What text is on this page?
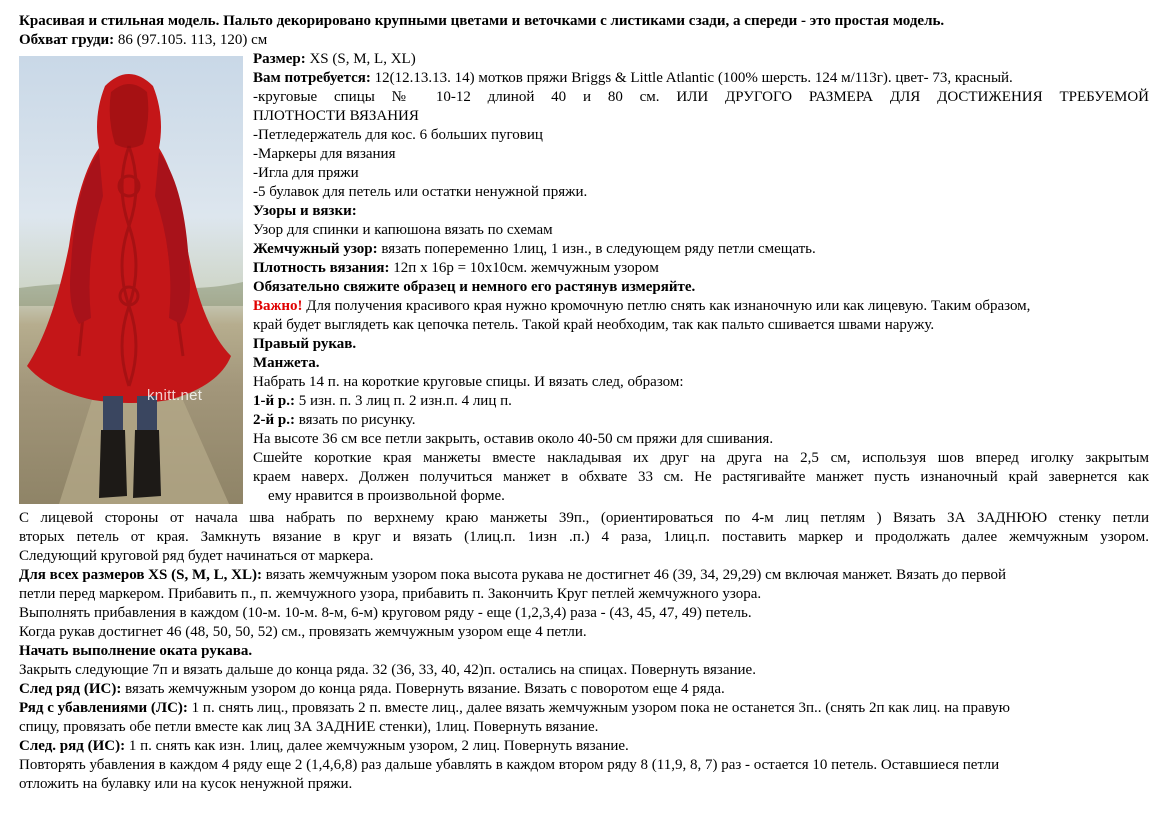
Красивая и стильная модель. Пальто декорировано крупными цветами и веточками с листиками сзади, а спереди - это простая модель.
Обхват груди: 86 (97.105. 113, 120) см
knitt.net
Размер: XS (S, M, L, XL)
Вам потребуется: 12(12.13.13. 14) мотков пряжи Briggs & Little Atlantic (100% шерсть. 124 м/113г). цвет- 73, красный.
-круговые спицы № 10-12 длиной 40 и 80 см. ИЛИ ДРУГОГО РАЗМЕРА ДЛЯ ДОСТИЖЕНИЯ ТРЕБУЕМОЙ
ПЛОТНОСТИ ВЯЗАНИЯ
-Петледержатель для кос. 6 больших пуговиц
-Маркеры для вязания
-Игла для пряжи
-5 булавок для петель или остатки ненужной пряжи.
Узоры и вязки:
Узор для спинки и капюшона вязать по схемам
Жемчужный узор: вязать попеременно 1лиц, 1 изн., в следующем ряду петли смещать.
Плотность вязания: 12п х 16р = 10х10см. жемчужным узором
Обязательно свяжите образец и немного его растянув измеряйте.
Важно! Для получения красивого края нужно кромочную петлю снять как изнаночную или как лицевую. Таким образом,
край будет выглядеть как цепочка петель. Такой край необходим, так как пальто сшивается швами наружу.
Правый рукав.
Манжета.
Набрать 14 п. на короткие круговые спицы. И вязать след, образом:
1-й р.: 5 изн. п. 3 лиц п. 2 изн.п. 4 лиц п.
2-й р.: вязать по рисунку.
На высоте 36 см все петли закрыть, оставив около 40-50 см пряжи для сшивания.
Сшейте короткие края манжеты вместе накладывая их друг на друга на 2,5 см, используя шов вперед иголку закрытым
краем наверх. Должен получиться манжет в обхвате 33 см. Не растягивайте манжет пусть изнаночный край завернется как
ему нравится в произвольной форме.
С лицевой стороны от начала шва набрать по верхнему краю манжеты 39п., (ориентироваться по 4-м лиц петлям ) Вязать ЗА ЗАДНЮЮ стенку петли
вторых петель от края. Замкнуть вязание в круг и вязать (1лиц.п. 1изн .п.) 4 раза, 1лиц.п. поставить маркер и продолжать далее жемчужным узором.
Следующий круговой ряд будет начинаться от маркера.
Для всех размеров XS (S, M, L, XL): вязать жемчужным узором пока высота рукава не достигнет 46 (39, 34, 29,29) см включая манжет. Вязать до первой
петли перед маркером. Прибавить п., п. жемчужного узора, прибавить п. Закончить Круг петлей жемчужного узора.
Выполнять прибавления в каждом (10-м. 10-м. 8-м, 6-м) круговом ряду - еще (1,2,3,4) раза - (43, 45, 47, 49) петель.
Когда рукав достигнет 46 (48, 50, 50, 52) см., провязать жемчужным узором еще 4 петли.
Начать выполнение оката рукава.
Закрыть следующие 7п и вязать дальше до конца ряда. 32 (36, 33, 40, 42)п. остались на спицах. Повернуть вязание.
След ряд (ИС): вязать жемчужным узором до конца ряда. Повернуть вязание. Вязать с поворотом еще 4 ряда.
Ряд с убавлениями (ЛС): 1 п. снять лиц., провязать 2 п. вместе лиц., далее вязать жемчужным узором пока не останется 3п.. (снять 2п как лиц. на правую
спицу, провязать обе петли вместе как лиц ЗА ЗАДНИЕ стенки), 1лиц. Повернуть вязание.
След. ряд (ИС): 1 п. снять как изн. 1лиц, далее жемчужным узором, 2 лиц. Повернуть вязание.
Повторять убавления в каждом 4 ряду еще 2 (1,4,6,8) раз дальше убавлять в каждом втором ряду 8 (11,9, 8, 7) раз - остается 10 петель. Оставшиеся петли
отложить на булавку или на кусок ненужной пряжи.
